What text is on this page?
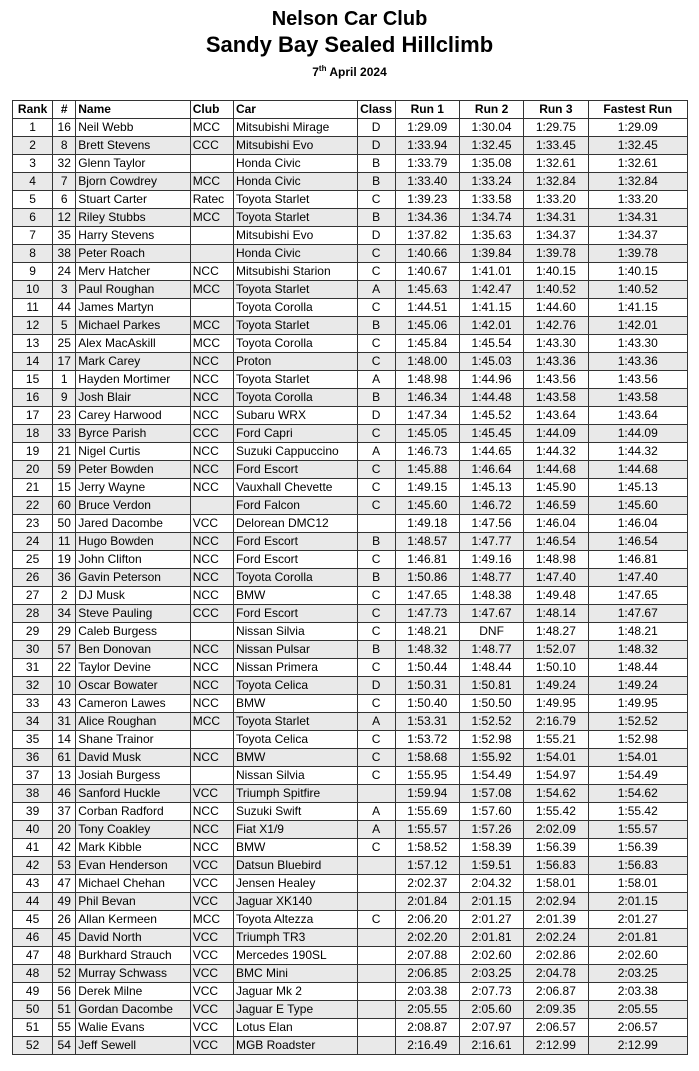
Nelson Car Club
Sandy Bay Sealed Hillclimb
7th April 2024
Rank	#	Name	Club	Car	Class	Run 1	Run 2	Run 3	Fastest Run
1	16	Neil Webb	MCC	Mitsubishi Mirage	D	1:29.09	1:30.04	1:29.75	1:29.09
2	8	Brett Stevens	CCC	Mitsubishi Evo	D	1:33.94	1:32.45	1:33.45	1:32.45
3	32	Glenn Taylor		Honda Civic	B	1:33.79	1:35.08	1:32.61	1:32.61
4	7	Bjorn Cowdrey	MCC	Honda Civic	B	1:33.40	1:33.24	1:32.84	1:32.84
5	6	Stuart Carter	Ratec	Toyota Starlet	C	1:39.23	1:33.58	1:33.20	1:33.20
6	12	Riley Stubbs	MCC	Toyota Starlet	B	1:34.36	1:34.74	1:34.31	1:34.31
7	35	Harry Stevens		Mitsubishi Evo	D	1:37.82	1:35.63	1:34.37	1:34.37
8	38	Peter Roach		Honda Civic	C	1:40.66	1:39.84	1:39.78	1:39.78
9	24	Merv Hatcher	NCC	Mitsubishi Starion	C	1:40.67	1:41.01	1:40.15	1:40.15
10	3	Paul Roughan	MCC	Toyota Starlet	A	1:45.63	1:42.47	1:40.52	1:40.52
11	44	James Martyn		Toyota Corolla	C	1:44.51	1:41.15	1:44.60	1:41.15
12	5	Michael Parkes	MCC	Toyota Starlet	B	1:45.06	1:42.01	1:42.76	1:42.01
13	25	Alex MacAskill	MCC	Toyota Corolla	C	1:45.84	1:45.54	1:43.30	1:43.30
14	17	Mark Carey	NCC	Proton	C	1:48.00	1:45.03	1:43.36	1:43.36
15	1	Hayden Mortimer	NCC	Toyota Starlet	A	1:48.98	1:44.96	1:43.56	1:43.56
16	9	Josh Blair	NCC	Toyota Corolla	B	1:46.34	1:44.48	1:43.58	1:43.58
17	23	Carey Harwood	NCC	Subaru WRX	D	1:47.34	1:45.52	1:43.64	1:43.64
18	33	Byrce Parish	CCC	Ford Capri	C	1:45.05	1:45.45	1:44.09	1:44.09
19	21	Nigel Curtis	NCC	Suzuki Cappuccino	A	1:46.73	1:44.65	1:44.32	1:44.32
20	59	Peter Bowden	NCC	Ford Escort	C	1:45.88	1:46.64	1:44.68	1:44.68
21	15	Jerry Wayne	NCC	Vauxhall Chevette	C	1:49.15	1:45.13	1:45.90	1:45.13
22	60	Bruce Verdon		Ford Falcon	C	1:45.60	1:46.72	1:46.59	1:45.60
23	50	Jared Dacombe	VCC	Delorean DMC12		1:49.18	1:47.56	1:46.04	1:46.04
24	11	Hugo Bowden	NCC	Ford Escort	B	1:48.57	1:47.77	1:46.54	1:46.54
25	19	John Clifton	NCC	Ford Escort	C	1:46.81	1:49.16	1:48.98	1:46.81
26	36	Gavin Peterson	NCC	Toyota Corolla	B	1:50.86	1:48.77	1:47.40	1:47.40
27	2	DJ Musk	NCC	BMW	C	1:47.65	1:48.38	1:49.48	1:47.65
28	34	Steve Pauling	CCC	Ford Escort	C	1:47.73	1:47.67	1:48.14	1:47.67
29	29	Caleb Burgess		Nissan Silvia	C	1:48.21	DNF	1:48.27	1:48.21
30	57	Ben Donovan	NCC	Nissan Pulsar	B	1:48.32	1:48.77	1:52.07	1:48.32
31	22	Taylor Devine	NCC	Nissan Primera	C	1:50.44	1:48.44	1:50.10	1:48.44
32	10	Oscar Bowater	NCC	Toyota Celica	D	1:50.31	1:50.81	1:49.24	1:49.24
33	43	Cameron Lawes	NCC	BMW	C	1:50.40	1:50.50	1:49.95	1:49.95
34	31	Alice Roughan	MCC	Toyota Starlet	A	1:53.31	1:52.52	2:16.79	1:52.52
35	14	Shane Trainor		Toyota Celica	C	1:53.72	1:52.98	1:55.21	1:52.98
36	61	David Musk	NCC	BMW	C	1:58.68	1:55.92	1:54.01	1:54.01
37	13	Josiah Burgess		Nissan Silvia	C	1:55.95	1:54.49	1:54.97	1:54.49
38	46	Sanford Huckle	VCC	Triumph Spitfire		1:59.94	1:57.08	1:54.62	1:54.62
39	37	Corban Radford	NCC	Suzuki Swift	A	1:55.69	1:57.60	1:55.42	1:55.42
40	20	Tony Coakley	NCC	Fiat X1/9	A	1:55.57	1:57.26	2:02.09	1:55.57
41	42	Mark Kibble	NCC	BMW	C	1:58.52	1:58.39	1:56.39	1:56.39
42	53	Evan Henderson	VCC	Datsun Bluebird		1:57.12	1:59.51	1:56.83	1:56.83
43	47	Michael Chehan	VCC	Jensen Healey		2:02.37	2:04.32	1:58.01	1:58.01
44	49	Phil Bevan	VCC	Jaguar XK140		2:01.84	2:01.15	2:02.94	2:01.15
45	26	Allan Kermeen	MCC	Toyota Altezza	C	2:06.20	2:01.27	2:01.39	2:01.27
46	45	David North	VCC	Triumph TR3		2:02.20	2:01.81	2:02.24	2:01.81
47	48	Burkhard Strauch	VCC	Mercedes 190SL		2:07.88	2:02.60	2:02.86	2:02.60
48	52	Murray Schwass	VCC	BMC Mini		2:06.85	2:03.25	2:04.78	2:03.25
49	56	Derek Milne	VCC	Jaguar Mk 2		2:03.38	2:07.73	2:06.87	2:03.38
50	51	Gordan Dacombe	VCC	Jaguar E Type		2:05.55	2:05.60	2:09.35	2:05.55
51	55	Walie Evans	VCC	Lotus Elan		2:08.87	2:07.97	2:06.57	2:06.57
52	54	Jeff Sewell	VCC	MGB Roadster		2:16.49	2:16.61	2:12.99	2:12.99
